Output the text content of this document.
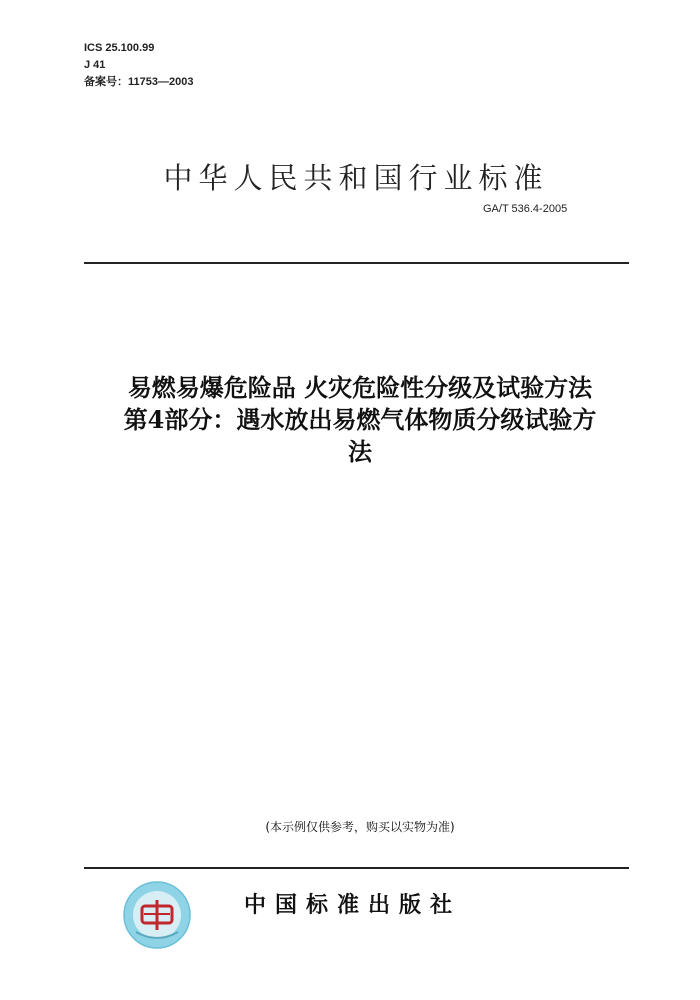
ICS 25.100.99
J 41
备案号：11753—2003
中华人民共和国行业标准
GA/T 536.4-2005
易燃易爆危险品 火灾危险性分级及试验方法
第4部分：遇水放出易燃气体物质分级试验方
法
(本示例仅供参考，购买以实物为准)
中国标准出版社
